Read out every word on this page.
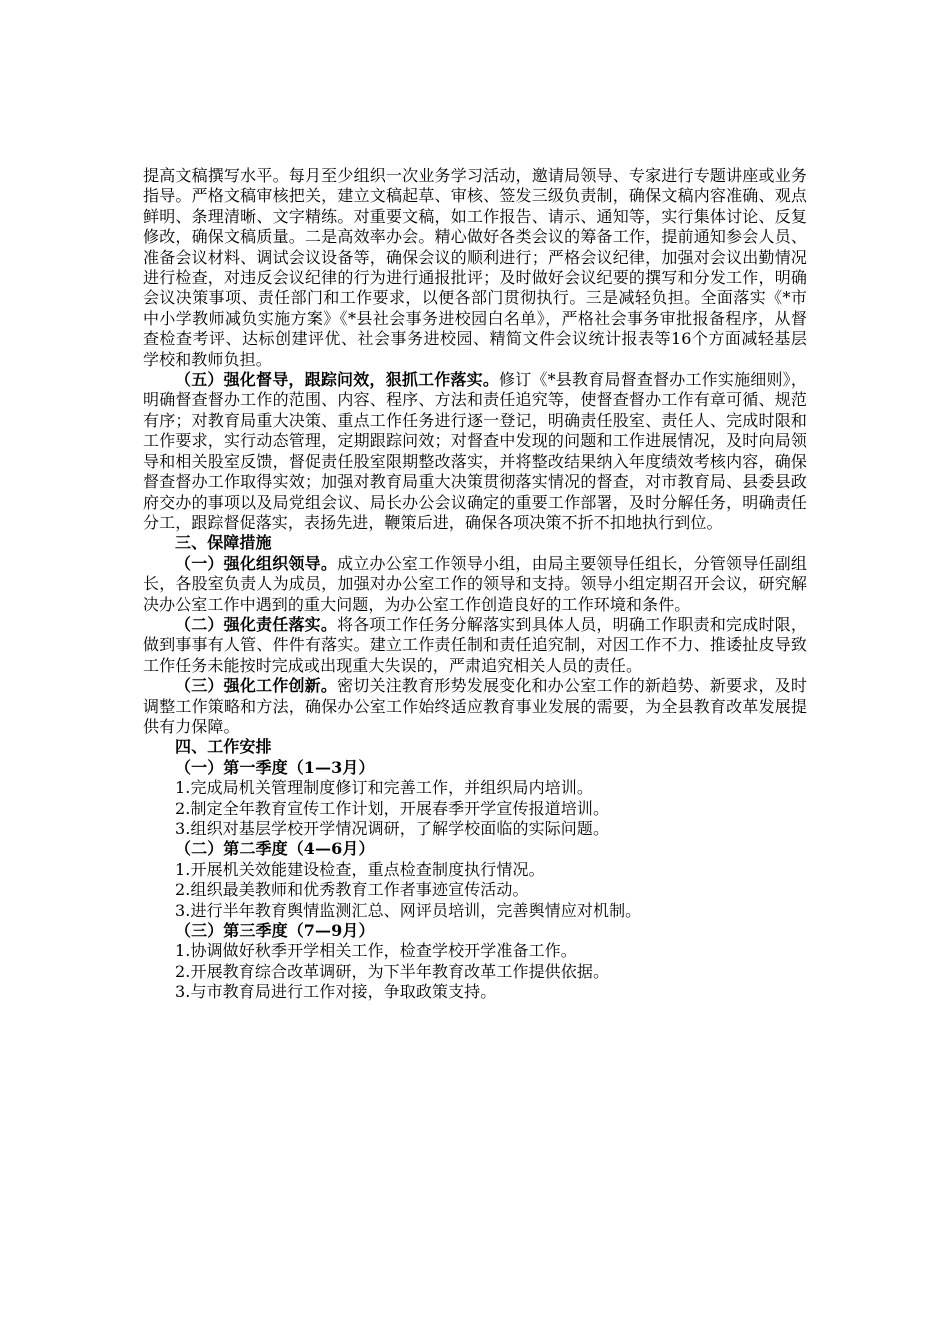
提高文稿撰写水平。每月至少组织一次业务学习活动，邀请局领导、专家进行专题讲座或业务指导。严格文稿审核把关，建立文稿起草、审核、签发三级负责制，确保文稿内容准确、观点鲜明、条理清晰、文字精练。对重要文稿，如工作报告、请示、通知等，实行集体讨论、反复修改，确保文稿质量。二是高效率办会。精心做好各类会议的筹备工作，提前通知参会人员、准备会议材料、调试会议设备等，确保会议的顺利进行；严格会议纪律，加强对会议出勤情况进行检查，对违反会议纪律的行为进行通报批评；及时做好会议纪要的撰写和分发工作，明确会议决策事项、责任部门和工作要求，以便各部门贯彻执行。三是减轻负担。全面落实《*市中小学教师减负实施方案》《*县社会事务进校园白名单》，严格社会事务审批报备程序，从督查检查考评、达标创建评优、社会事务进校园、精简文件会议统计报表等16个方面减轻基层学校和教师负担。

（五）强化督导，跟踪问效，狠抓工作落实。修订《*县教育局督查督办工作实施细则》，明确督查督办工作的范围、内容、程序、方法和责任追究等，使督查督办工作有章可循、规范有序；对教育局重大决策、重点工作任务进行逐一登记，明确责任股室、责任人、完成时限和工作要求，实行动态管理，定期跟踪问效；对督查中发现的问题和工作进展情况，及时向局领导和相关股室反馈，督促责任股室限期整改落实，并将整改结果纳入年度绩效考核内容，确保督查督办工作取得实效；加强对教育局重大决策贯彻落实情况的督查，对市教育局、县委县政府交办的事项以及局党组会议、局长办公会议确定的重要工作部署，及时分解任务，明确责任分工，跟踪督促落实，表扬先进，鞭策后进，确保各项决策不折不扣地执行到位。

三、保障措施

（一）强化组织领导。成立办公室工作领导小组，由局主要领导任组长，分管领导任副组长，各股室负责人为成员，加强对办公室工作的领导和支持。领导小组定期召开会议，研究解决办公室工作中遇到的重大问题，为办公室工作创造良好的工作环境和条件。

（二）强化责任落实。将各项工作任务分解落实到具体人员，明确工作职责和完成时限，做到事事有人管、件件有落实。建立工作责任制和责任追究制，对因工作不力、推诿扯皮导致工作任务未能按时完成或出现重大失误的，严肃追究相关人员的责任。

（三）强化工作创新。密切关注教育形势发展变化和办公室工作的新趋势、新要求，及时调整工作策略和方法，确保办公室工作始终适应教育事业发展的需要，为全县教育改革发展提供有力保障。

四、工作安排

（一）第一季度（1—3月）

1.完成局机关管理制度修订和完善工作，并组织局内培训。

2.制定全年教育宣传工作计划，开展春季开学宣传报道培训。

3.组织对基层学校开学情况调研，了解学校面临的实际问题。

（二）第二季度（4—6月）

1.开展机关效能建设检查，重点检查制度执行情况。

2.组织最美教师和优秀教育工作者事迹宣传活动。

3.进行半年教育舆情监测汇总、网评员培训，完善舆情应对机制。

（三）第三季度（7—9月）

1.协调做好秋季开学相关工作，检查学校开学准备工作。

2.开展教育综合改革调研，为下半年教育改革工作提供依据。

3.与市教育局进行工作对接，争取政策支持。
